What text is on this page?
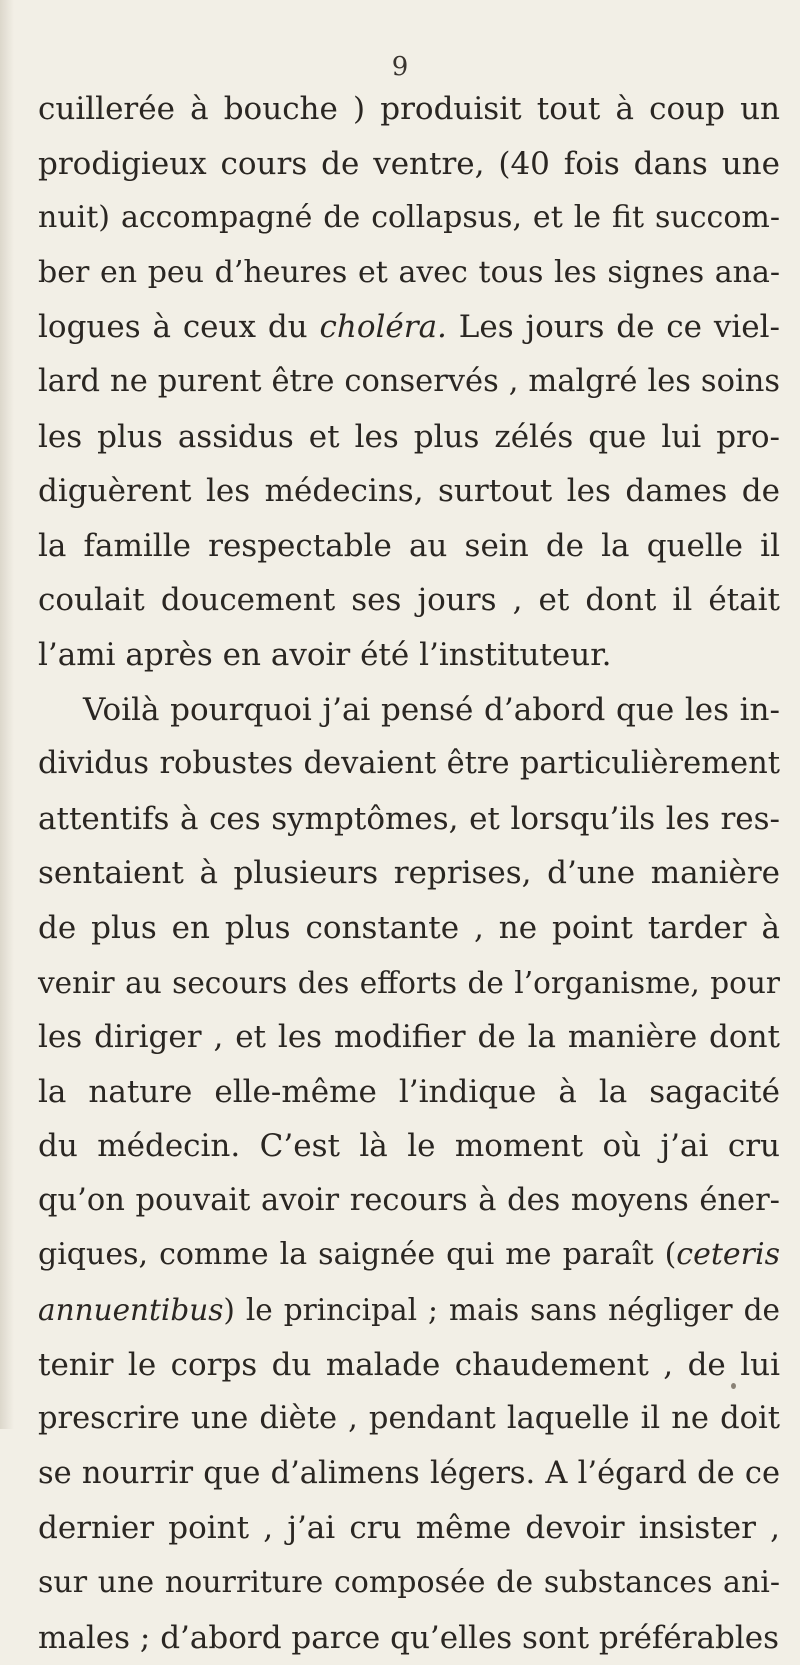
9
cuillerée à bouche ) produisit tout à coup un
prodigieux cours de ventre, (40 fois dans une
nuit) accompagné de collapsus, et le fit succom-
ber en peu d’heures et avec tous les signes ana-
logues à ceux du choléra. Les jours de ce viel-
lard ne purent être conservés , malgré les soins
les plus assidus et les plus zélés que lui pro-
diguèrent les médecins, surtout les dames de
la famille respectable au sein de la quelle il
coulait doucement ses jours , et dont il était
l’ami après en avoir été l’instituteur.
Voilà pourquoi j’ai pensé d’abord que les in-
dividus robustes devaient être particulièrement
attentifs à ces symptômes, et lorsqu’ils les res-
sentaient à plusieurs reprises, d’une manière
de plus en plus constante , ne point tarder à
venir au secours des efforts de l’organisme, pour
les diriger , et les modifier de la manière dont
la nature elle-même l’indique à la sagacité
du médecin. C’est là le moment où j’ai cru
qu’on pouvait avoir recours à des moyens éner-
giques, comme la saignée qui me paraît (ceteris
annuentibus) le principal ; mais sans négliger de
tenir le corps du malade chaudement , de lui
prescrire une diète , pendant laquelle il ne doit
se nourrir que d’alimens légers. A l’égard de ce
dernier point , j’ai cru même devoir insister ,
sur une nourriture composée de substances ani-
males ; d’abord parce qu’elles sont préférables
